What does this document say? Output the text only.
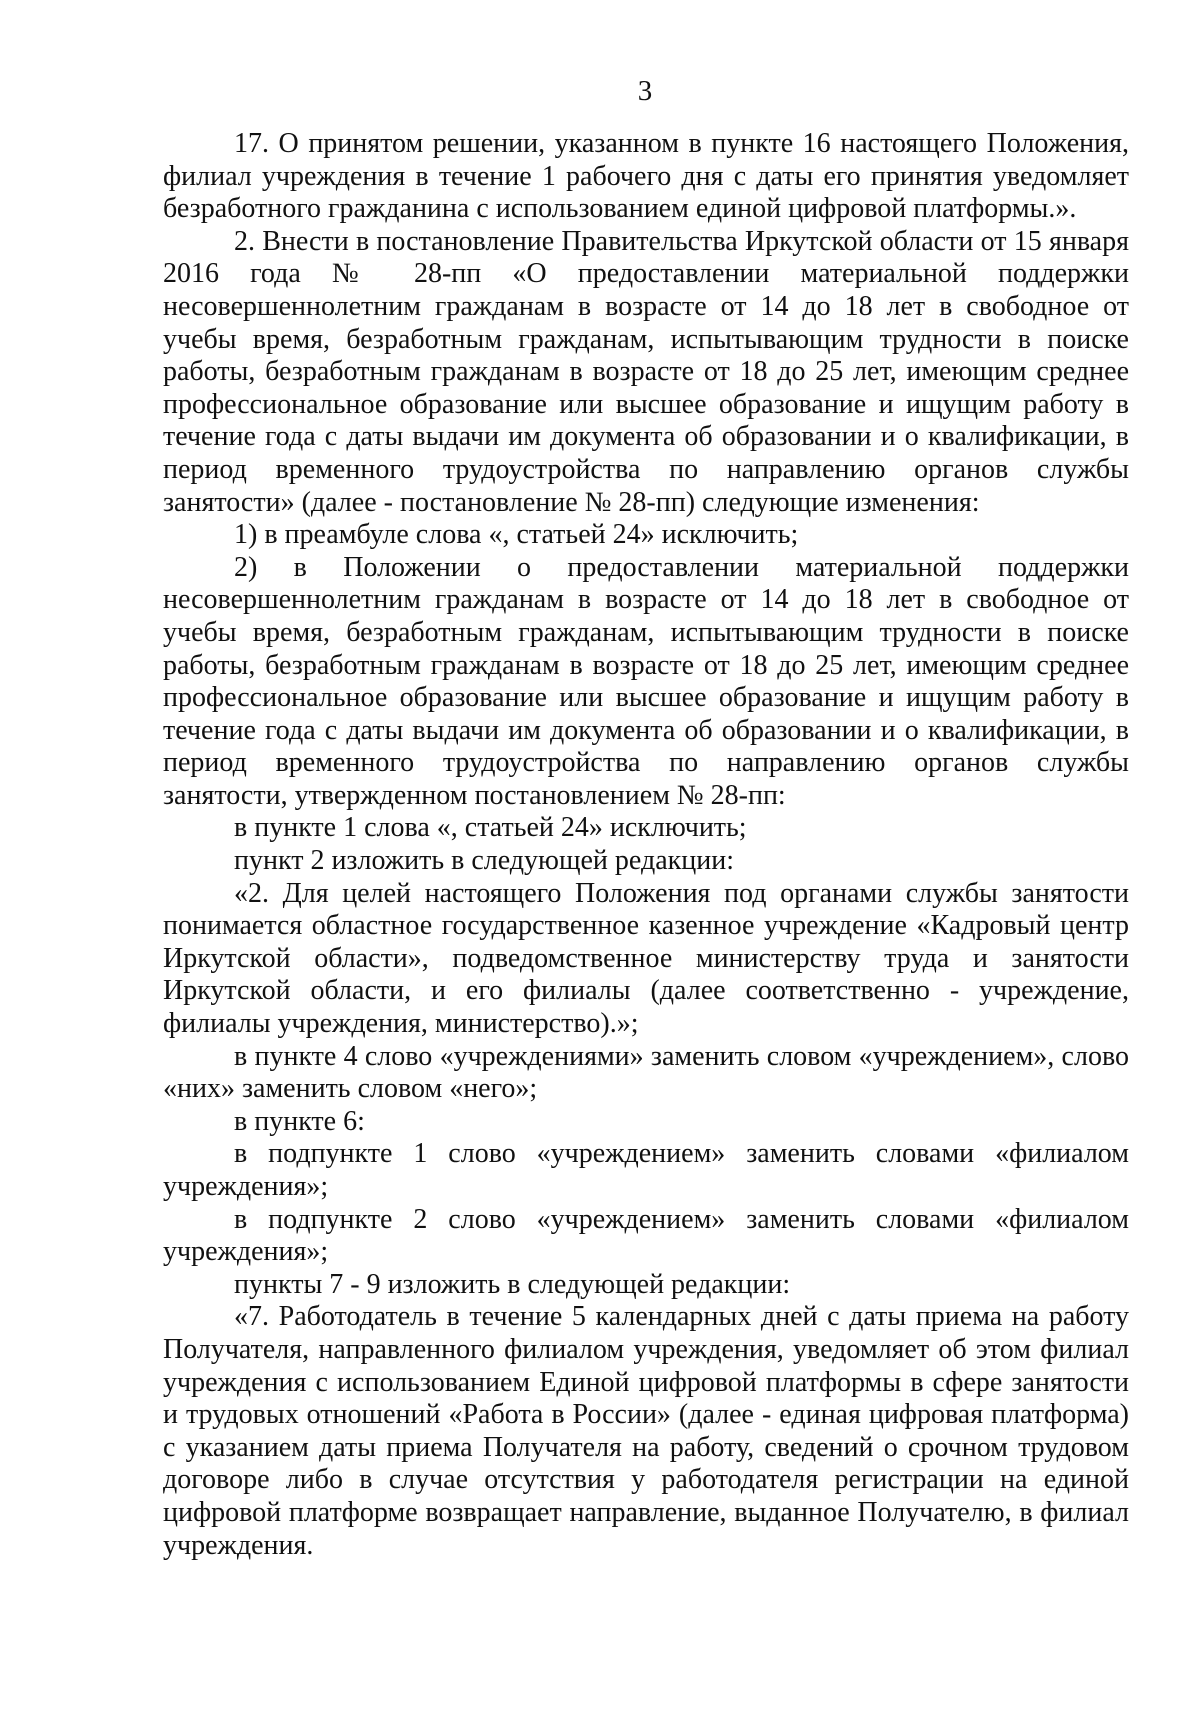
3

17. О принятом решении, указанном в пункте 16 настоящего Положения, филиал учреждения в течение 1 рабочего дня с даты его принятия уведомляет безработного гражданина с использованием единой цифровой платформы.».

2. Внести в постановление Правительства Иркутской области от 15 января 2016 года № 28-пп «О предоставлении материальной поддержки несовершеннолетним гражданам в возрасте от 14 до 18 лет в свободное от учебы время, безработным гражданам, испытывающим трудности в поиске работы, безработным гражданам в возрасте от 18 до 25 лет, имеющим среднее профессиональное образование или высшее образование и ищущим работу в течение года с даты выдачи им документа об образовании и о квалификации, в период временного трудоустройства по направлению органов службы занятости» (далее - постановление № 28-пп) следующие изменения:

1) в преамбуле слова «, статьей 24» исключить;

2) в Положении о предоставлении материальной поддержки несовершеннолетним гражданам в возрасте от 14 до 18 лет в свободное от учебы время, безработным гражданам, испытывающим трудности в поиске работы, безработным гражданам в возрасте от 18 до 25 лет, имеющим среднее профессиональное образование или высшее образование и ищущим работу в течение года с даты выдачи им документа об образовании и о квалификации, в период временного трудоустройства по направлению органов службы занятости, утвержденном постановлением № 28-пп:

в пункте 1 слова «, статьей 24» исключить;

пункт 2 изложить в следующей редакции:

«2. Для целей настоящего Положения под органами службы занятости понимается областное государственное казенное учреждение «Кадровый центр Иркутской области», подведомственное министерству труда и занятости Иркутской области, и его филиалы (далее соответственно - учреждение, филиалы учреждения, министерство).»;

в пункте 4 слово «учреждениями» заменить словом «учреждением», слово «них» заменить словом «него»;

в пункте 6:

в подпункте 1 слово «учреждением» заменить словами «филиалом учреждения»;

в подпункте 2 слово «учреждением» заменить словами «филиалом учреждения»;

пункты 7 - 9 изложить в следующей редакции:

«7. Работодатель в течение 5 календарных дней с даты приема на работу Получателя, направленного филиалом учреждения, уведомляет об этом филиал учреждения с использованием Единой цифровой платформы в сфере занятости и трудовых отношений «Работа в России» (далее - единая цифровая платформа) с указанием даты приема Получателя на работу, сведений о срочном трудовом договоре либо в случае отсутствия у работодателя регистрации на единой цифровой платформе возвращает направление, выданное Получателю, в филиал учреждения.
